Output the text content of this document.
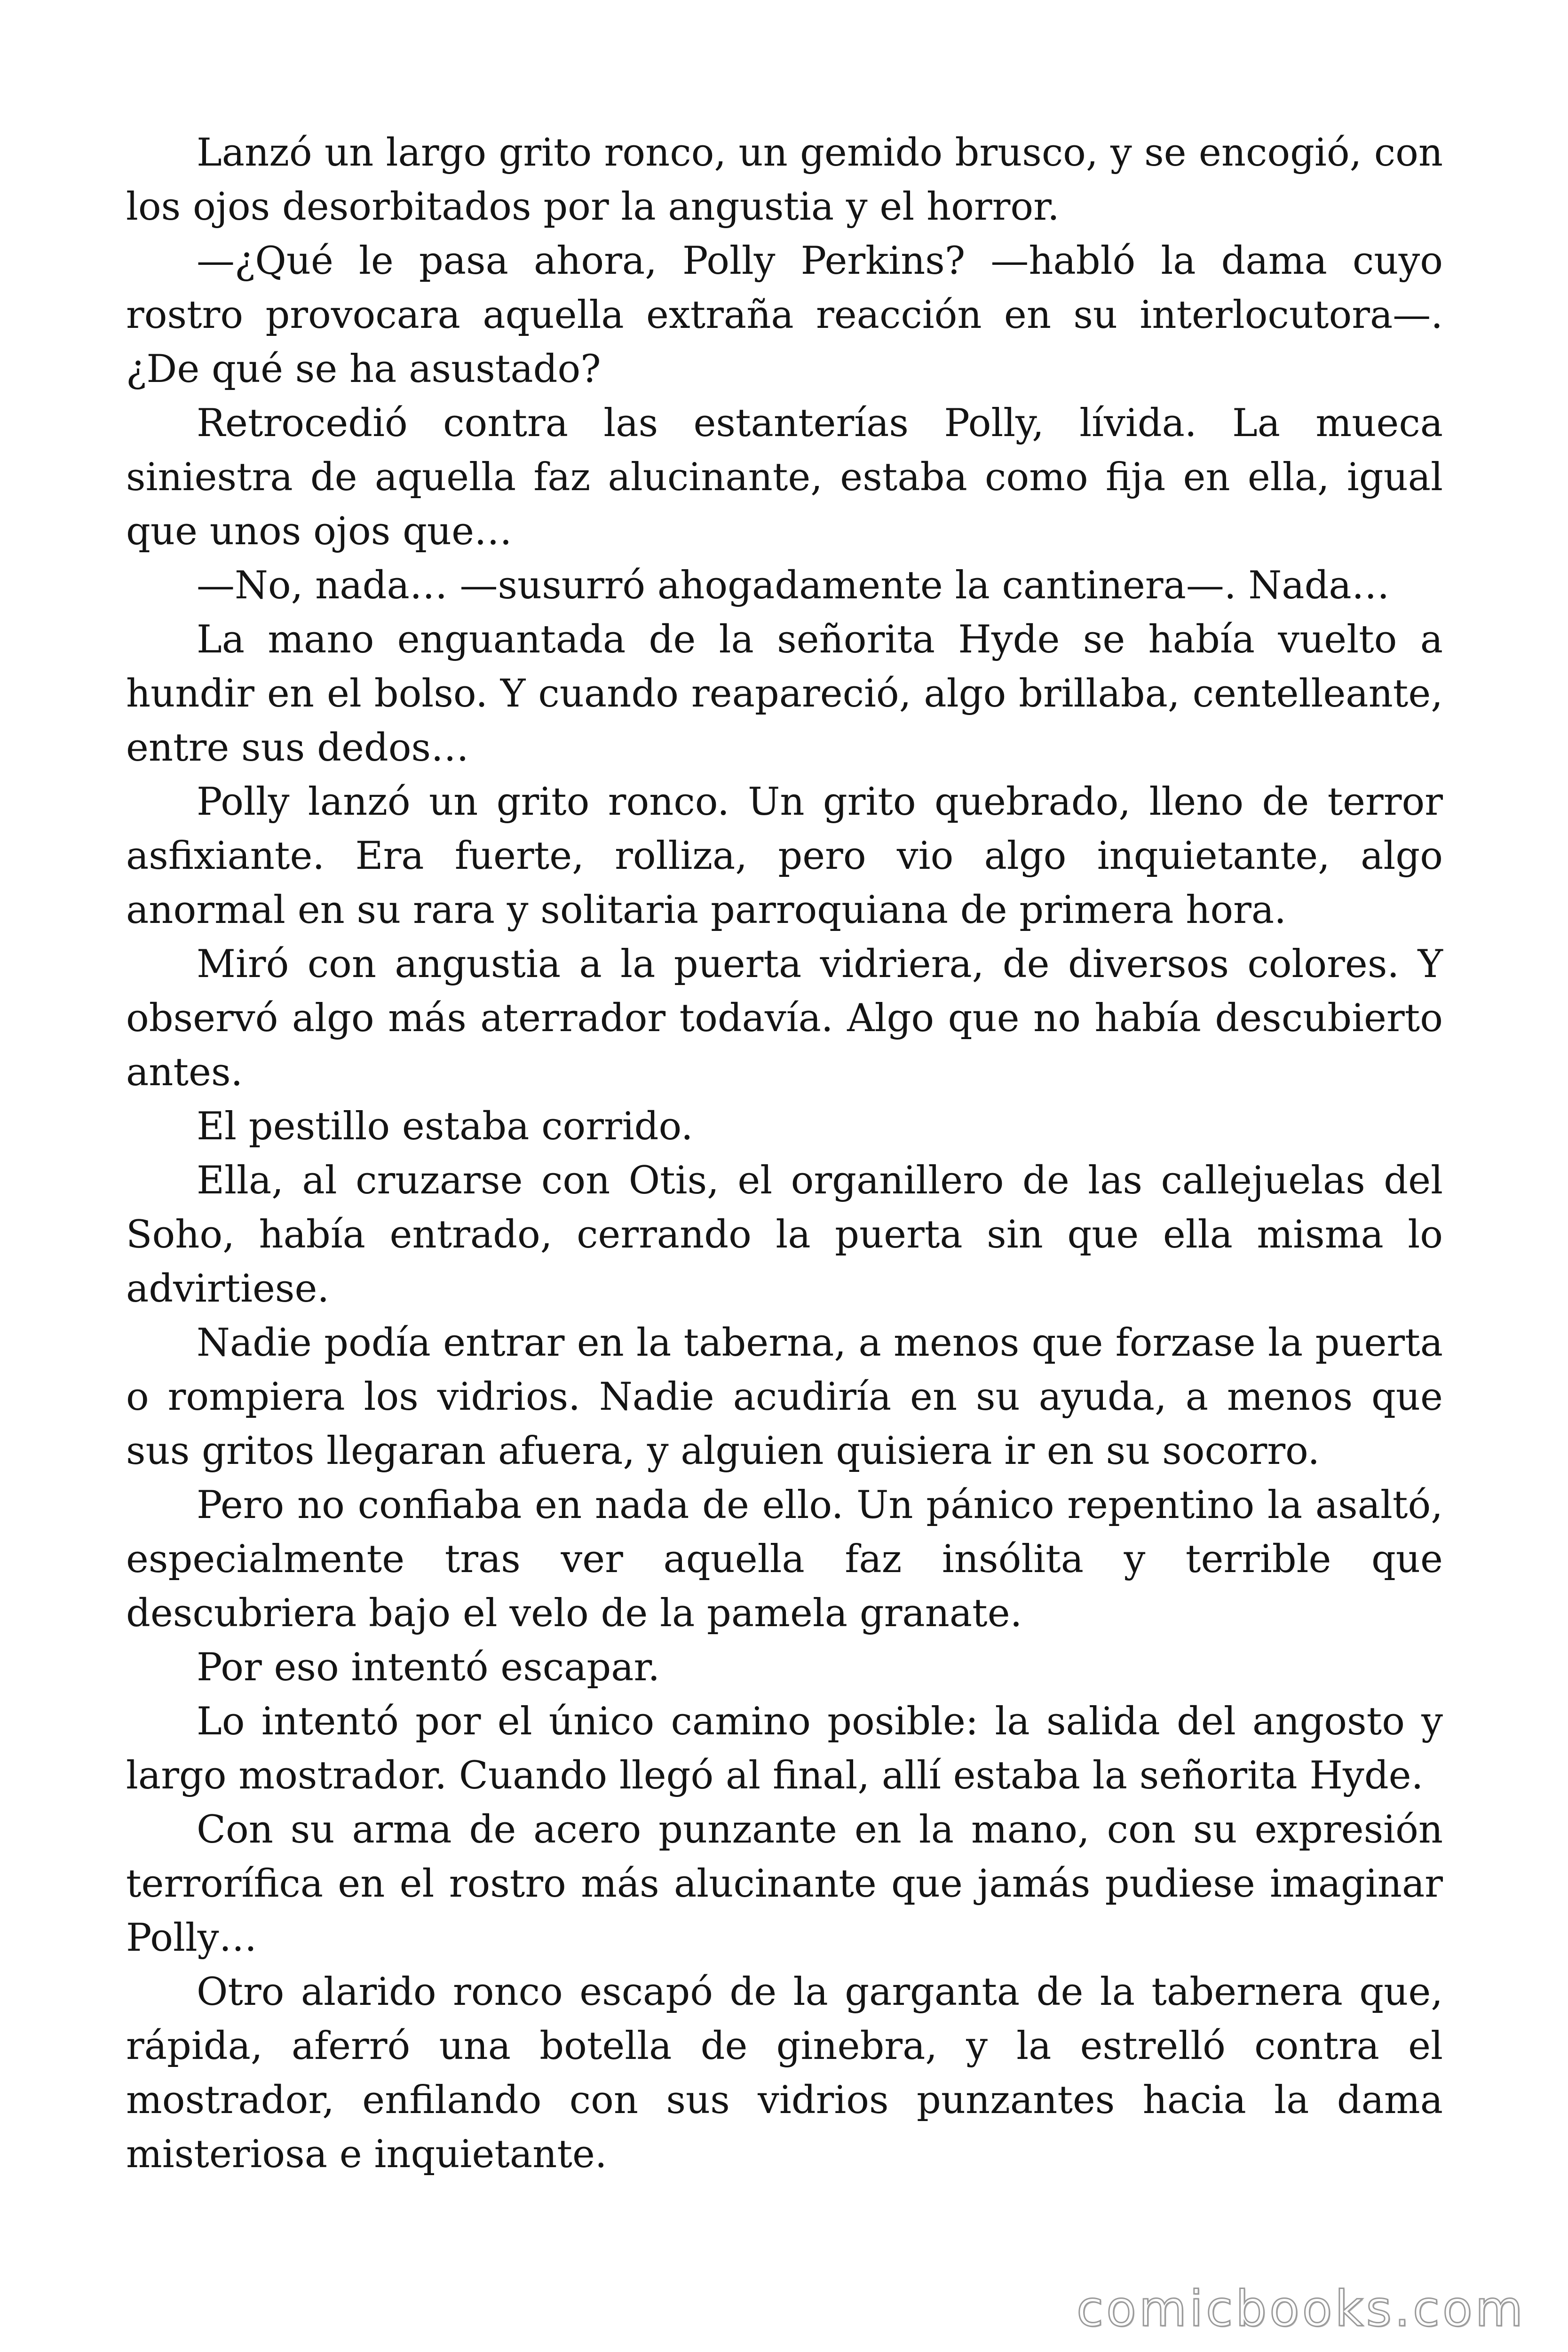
Lanzó un largo grito ronco, un gemido brusco, y se encogió, con los ojos desorbitados por la angustia y el horror.

—¿Qué le pasa ahora, Polly Perkins? —habló la dama cuyo rostro provocara aquella extraña reacción en su interlocutora—. ¿De qué se ha asustado?

Retrocedió contra las estanterías Polly, lívida. La mueca siniestra de aquella faz alucinante, estaba como fija en ella, igual que unos ojos que…

—No, nada… —susurró ahogadamente la cantinera—. Nada…

La mano enguantada de la señorita Hyde se había vuelto a hundir en el bolso. Y cuando reapareció, algo brillaba, centelleante, entre sus dedos…

Polly lanzó un grito ronco. Un grito quebrado, lleno de terror asfixiante. Era fuerte, rolliza, pero vio algo inquietante, algo anormal en su rara y solitaria parroquiana de primera hora.

Miró con angustia a la puerta vidriera, de diversos colores. Y observó algo más aterrador todavía. Algo que no había descubierto antes.

El pestillo estaba corrido.

Ella, al cruzarse con Otis, el organillero de las callejuelas del Soho, había entrado, cerrando la puerta sin que ella misma lo advirtiese.

Nadie podía entrar en la taberna, a menos que forzase la puerta o rompiera los vidrios. Nadie acudiría en su ayuda, a menos que sus gritos llegaran afuera, y alguien quisiera ir en su socorro.

Pero no confiaba en nada de ello. Un pánico repentino la asaltó, especialmente tras ver aquella faz insólita y terrible que descubriera bajo el velo de la pamela granate.

Por eso intentó escapar.

Lo intentó por el único camino posible: la salida del angosto y largo mostrador. Cuando llegó al final, allí estaba la señorita Hyde.

Con su arma de acero punzante en la mano, con su expresión terrorífica en el rostro más alucinante que jamás pudiese imaginar Polly…

Otro alarido ronco escapó de la garganta de la tabernera que, rápida, aferró una botella de ginebra, y la estrelló contra el mostrador, enfilando con sus vidrios punzantes hacia la dama misteriosa e inquietante.

comicbooks.com
